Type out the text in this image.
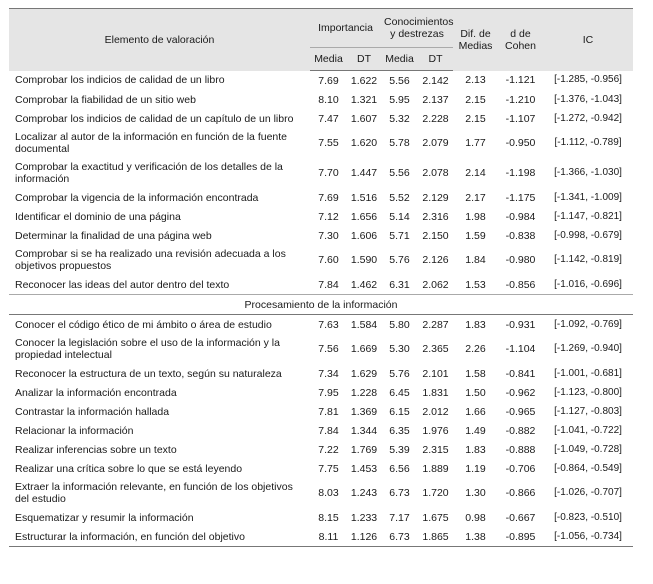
Elemento de valoración	Importancia		Conocimientos y destrezas		Dif. de Medias	d de Cohen	IC
	Media	DT	Media	DT			
Comprobar los indicios de calidad de un libro	7.69	1.622	5.56	2.142	2.13	-1.121	[-1.285, -0.956]
Comprobar la fiabilidad de un sitio web	8.10	1.321	5.95	2.137	2.15	-1.210	[-1.376, -1.043]
Comprobar los indicios de calidad de un capítulo de un libro	7.47	1.607	5.32	2.228	2.15	-1.107	[-1.272, -0.942]
Localizar al autor de la información en función de la fuente documental	7.55	1.620	5.78	2.079	1.77	-0.950	[-1.112, -0.789]
Comprobar la exactitud y verificación de los detalles de la información	7.70	1.447	5.56	2.078	2.14	-1.198	[-1.366, -1.030]
Comprobar la vigencia de la información encontrada	7.69	1.516	5.52	2.129	2.17	-1.175	[-1.341, -1.009]
Identificar el dominio de una página	7.12	1.656	5.14	2.316	1.98	-0.984	[-1.147, -0.821]
Determinar la finalidad de una página web	7.30	1.606	5.71	2.150	1.59	-0.838	[-0.998, -0.679]
Comprobar si se ha realizado una revisión adecuada a los objetivos propuestos	7.60	1.590	5.76	2.126	1.84	-0.980	[-1.142, -0.819]
Reconocer las ideas del autor dentro del texto	7.84	1.462	6.31	2.062	1.53	-0.856	[-1.016, -0.696]
Procesamiento de la información							
Conocer el código ético de mi ámbito o área de estudio	7.63	1.584	5.80	2.287	1.83	-0.931	[-1.092, -0.769]
Conocer la legislación sobre el uso de la información y la propiedad intelectual	7.56	1.669	5.30	2.365	2.26	-1.104	[-1.269, -0.940]
Reconocer la estructura de un texto, según su naturaleza	7.34	1.629	5.76	2.101	1.58	-0.841	[-1.001, -0.681]
Analizar la información encontrada	7.95	1.228	6.45	1.831	1.50	-0.962	[-1.123, -0.800]
Contrastar la información hallada	7.81	1.369	6.15	2.012	1.66	-0.965	[-1.127, -0.803]
Relacionar la información	7.84	1.344	6.35	1.976	1.49	-0.882	[-1.041, -0.722]
Realizar inferencias sobre un texto	7.22	1.769	5.39	2.315	1.83	-0.888	[-1.049, -0.728]
Realizar una crítica sobre lo que se está leyendo	7.75	1.453	6.56	1.889	1.19	-0.706	[-0.864, -0.549]
Extraer la información relevante, en función de los objetivos del estudio	8.03	1.243	6.73	1.720	1.30	-0.866	[-1.026, -0.707]
Esquematizar y resumir la información	8.15	1.233	7.17	1.675	0.98	-0.667	[-0.823, -0.510]
Estructurar la información, en función del objetivo	8.11	1.126	6.73	1.865	1.38	-0.895	[-1.056, -0.734]
